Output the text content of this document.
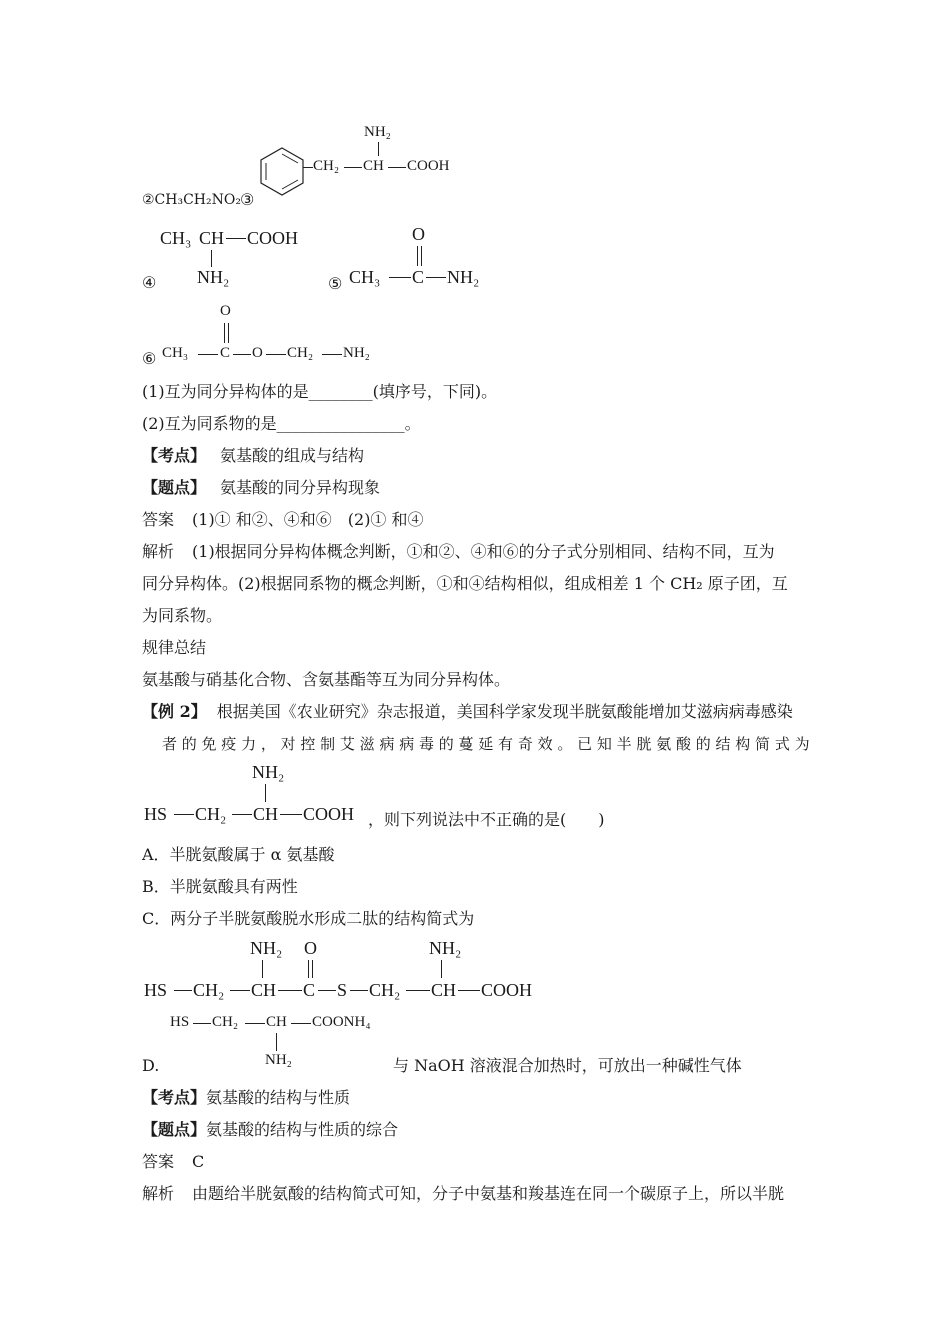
CH₂ CH
NH₂
COOH
②CH₃CH₂NO₂ ③
CH₃ CH COOH
NH₂
④	⑤
O
CH₃ C NH₂
⑥
O
CH₃ C O CH₂ NH₂
(1)互为同分异构体的是________(填序号，下同)。
(2)互为同系物的是________________。
【考点】 氨基酸的组成与结构
【题点】 氨基酸的同分异构现象
答案 (1)① 和②、④和⑥　(2)① 和④
解析 (1)根据同分异构体概念判断，①和②、④和⑥的分子式分别相同、结构不同，互为
同分异构体。(2)根据同系物的概念判断，①和④结构相似，组成相差 1 个 CH₂ 原子团，互
为同系物。
规律总结
氨基酸与硝基化合物、含氨基酯等互为同分异构体。
【例 2】 根据美国《农业研究》杂志报道，美国科学家发现半胱氨酸能增加艾滋病病毒感染
者 的 免 疫 力 ， 对 控 制 艾 滋 病 病 毒 的 蔓 延 有 奇 效 。 已 知 半 胱 氨 酸 的 结 构 简 式 为
NH₂
HS CH₂ CH COOH ，则下列说法中不正确的是(　　)
A．半胱氨酸属于 α 氨基酸
B．半胱氨酸具有两性
C．两分子半胱氨酸脱水形成二肽的结构简式为
NH₂ O	NH₂
HS CH₂ CH C S CH₂ CH COOH
HS CH₂ CH COONH₄
NH₂
D.	与 NaOH 溶液混合加热时，可放出一种碱性气体
【考点】氨基酸的结构与性质
【题点】氨基酸的结构与性质的综合
答案 C
解析 由题给半胱氨酸的结构简式可知，分子中氨基和羧基连在同一个碳原子上，所以半胱
